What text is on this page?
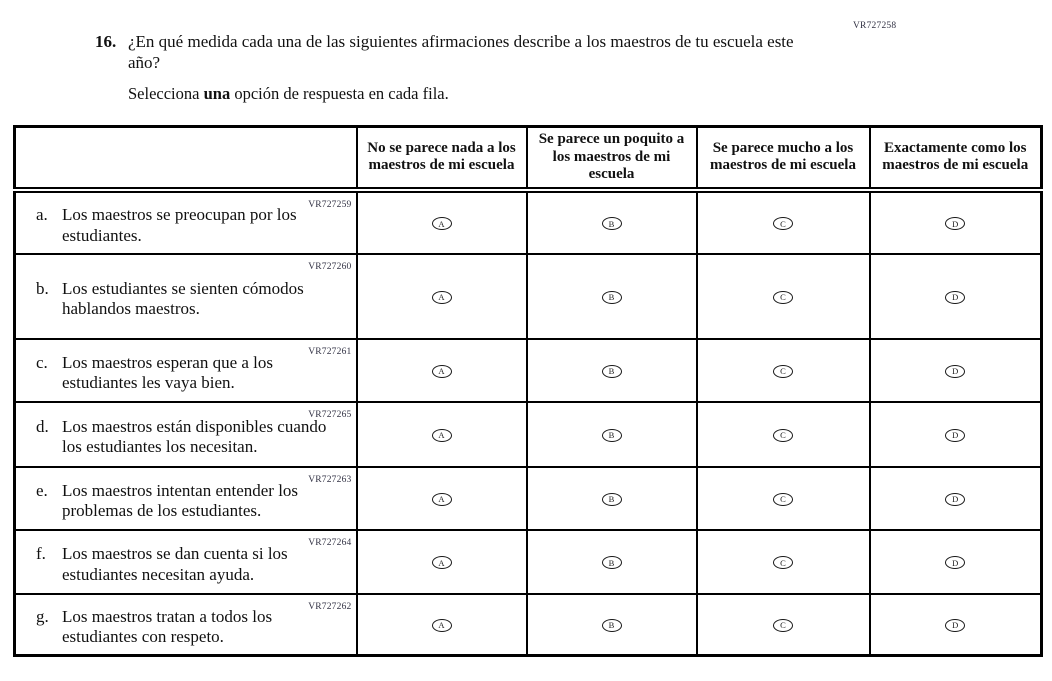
VR727258
16. ¿En qué medida cada una de las siguientes afirmaciones describe a los maestros de tu escuela este año?
Selecciona una opción de respuesta en cada fila.
	No se parece nada a los maestros de mi escuela	Se parece un poquito a los maestros de mi escuela	Se parece mucho a los maestros de mi escuela	Exactamente como los maestros de mi escuela

VR727259
a. Los maestros se preocupan por los estudiantes.	A	B	C	D

VR727260
b. Los estudiantes se sienten cómodos hablandos maestros.	A	B	C	D

VR727261
c. Los maestros esperan que a los estudiantes les vaya bien.	A	B	C	D

VR727265
d. Los maestros están disponibles cuando los estudiantes los necesitan.	A	B	C	D

VR727263
e. Los maestros intentan entender los problemas de los estudiantes.	A	B	C	D

VR727264
f. Los maestros se dan cuenta si los estudiantes necesitan ayuda.	A	B	C	D

VR727262
g. Los maestros tratan a todos los estudiantes con respeto.	A	B	C	D
